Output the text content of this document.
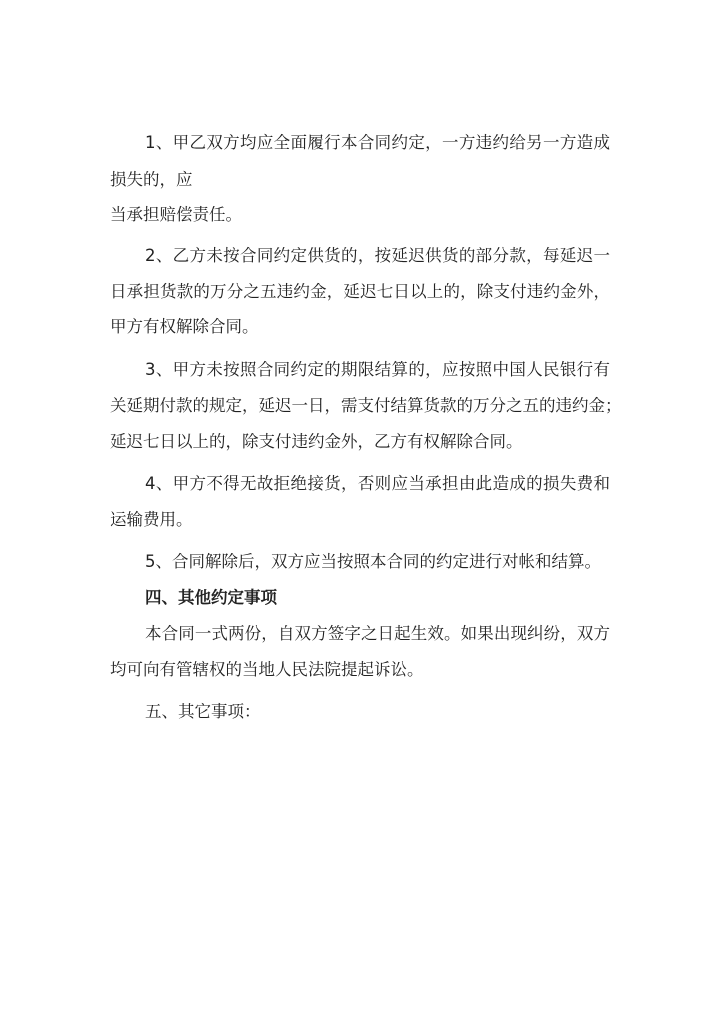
1、甲乙双方均应全面履行本合同约定，一方违约给另一方造成
损失的，应
当承担赔偿责任。
2、乙方未按合同约定供货的，按延迟供货的部分款，每延迟一
日承担货款的万分之五违约金，延迟七日以上的，除支付违约金外，
甲方有权解除合同。
3、甲方未按照合同约定的期限结算的，应按照中国人民银行有
关延期付款的规定，延迟一日，需支付结算货款的万分之五的违约金；
延迟七日以上的，除支付违约金外，乙方有权解除合同。
4、甲方不得无故拒绝接货，否则应当承担由此造成的损失费和
运输费用。
5、合同解除后，双方应当按照本合同的约定进行对帐和结算。
四、其他约定事项
本合同一式两份，自双方签字之日起生效。如果出现纠纷，双方
均可向有管辖权的当地人民法院提起诉讼。
五、其它事项：
